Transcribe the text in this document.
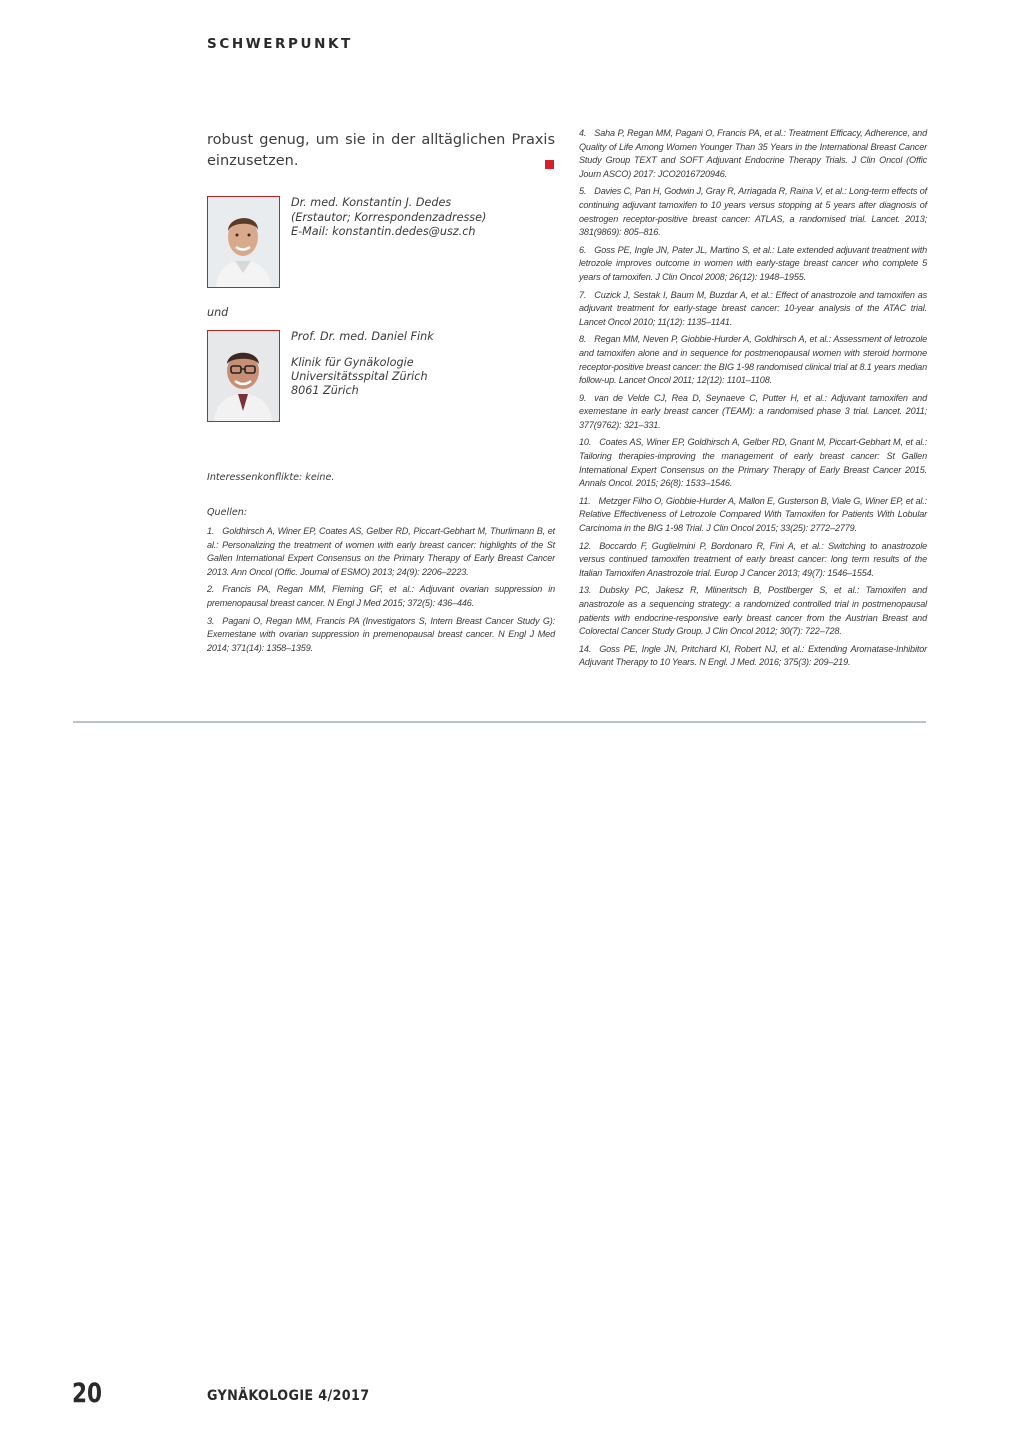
SCHWERPUNKT

robust genug, um sie in der alltäglichen Praxis einzusetzen.

Dr. med. Konstantin J. Dedes

(Erstautor; Korrespondenzadresse)

E-Mail: konstantin.dedes@usz.ch

und

Prof. Dr. med. Daniel Fink

Klinik für Gynäkologie

Universitätsspital Zürich

8061 Zürich

Interessenkonflikte: keine.
Quellen:

1. Goldhirsch A, Winer EP, Coates AS, Gelber RD, Piccart-Gebhart M, Thurlimann B, et al.: Personalizing the treatment of women with early breast cancer: highlights of the St Gallen International Expert Consensus on the Primary Therapy of Early Breast Cancer 2013. Ann Oncol (Offic. Journal of ESMO) 2013; 24(9): 2206–2223.

2. Francis PA, Regan MM, Fleming GF, et al.: Adjuvant ovarian suppression in premenopausal breast cancer. N Engl J Med 2015; 372(5): 436–446.

3. Pagani O, Regan MM, Francis PA (Investigators S, Intern Breast Cancer Study G): Exemestane with ovarian suppression in premenopausal breast cancer. N Engl J Med 2014; 371(14): 1358–1359.

4. Saha P, Regan MM, Pagani O, Francis PA, et al.: Treatment Efficacy, Adherence, and Quality of Life Among Women Younger Than 35 Years in the International Breast Cancer Study Group TEXT and SOFT Adjuvant Endocrine Therapy Trials. J Clin Oncol (Offic Journ ASCO) 2017: JCO2016720946.

5. Davies C, Pan H, Godwin J, Gray R, Arriagada R, Raina V, et al.: Long-term effects of continuing adjuvant tamoxifen to 10 years versus stopping at 5 years after diagnosis of oestrogen receptor-positive breast cancer: ATLAS, a randomised trial. Lancet. 2013; 381(9869): 805–816.

6. Goss PE, Ingle JN, Pater JL, Martino S, et al.: Late extended adjuvant treatment with letrozole improves outcome in women with early-stage breast cancer who complete 5 years of tamoxifen. J Clin Oncol 2008; 26(12): 1948–1955.

7. Cuzick J, Sestak I, Baum M, Buzdar A, et al.: Effect of anastrozole and tamoxifen as adjuvant treatment for early-stage breast cancer: 10-year analysis of the ATAC trial. Lancet Oncol 2010; 11(12): 1135–1141.

8. Regan MM, Neven P, Giobbie-Hurder A, Goldhirsch A, et al.: Assessment of letrozole and tamoxifen alone and in sequence for postmenopausal women with steroid hormone receptor-positive breast cancer: the BIG 1-98 randomised clinical trial at 8.1 years median follow-up. Lancet Oncol 2011; 12(12): 1101–1108.

9. van de Velde CJ, Rea D, Seynaeve C, Putter H, et al.: Adjuvant tamoxifen and exemestane in early breast cancer (TEAM): a randomised phase 3 trial. Lancet. 2011; 377(9762): 321–331.

10. Coates AS, Winer EP, Goldhirsch A, Gelber RD, Gnant M, Piccart-Gebhart M, et al.: Tailoring therapies-improving the management of early breast cancer: St Gallen International Expert Consensus on the Primary Therapy of Early Breast Cancer 2015. Annals Oncol. 2015; 26(8): 1533–1546.

11. Metzger Filho O, Giobbie-Hurder A, Mallon E, Gusterson B, Viale G, Winer EP, et al.: Relative Effectiveness of Letrozole Compared With Tamoxifen for Patients With Lobular Carcinoma in the BIG 1-98 Trial. J Clin Oncol 2015; 33(25): 2772–2779.

12. Boccardo F, Guglielmini P, Bordonaro R, Fini A, et al.: Switching to anastrozole versus continued tamoxifen treatment of early breast cancer: long term results of the Italian Tamoxifen Anastrozole trial. Europ J Cancer 2013; 49(7): 1546–1554.

13. Dubsky PC, Jakesz R, Mlineritsch B, Postlberger S, et al.: Tamoxifen and anastrozole as a sequencing strategy: a randomized controlled trial in postmenopausal patients with endocrine-responsive early breast cancer from the Austrian Breast and Colorectal Cancer Study Group. J Clin Oncol 2012; 30(7): 722–728.

14. Goss PE, Ingle JN, Pritchard KI, Robert NJ, et al.: Extending Aromatase-Inhibitor Adjuvant Therapy to 10 Years. N Engl. J Med. 2016; 375(3): 209–219.

20	GYNÄKOLOGIE 4/2017
